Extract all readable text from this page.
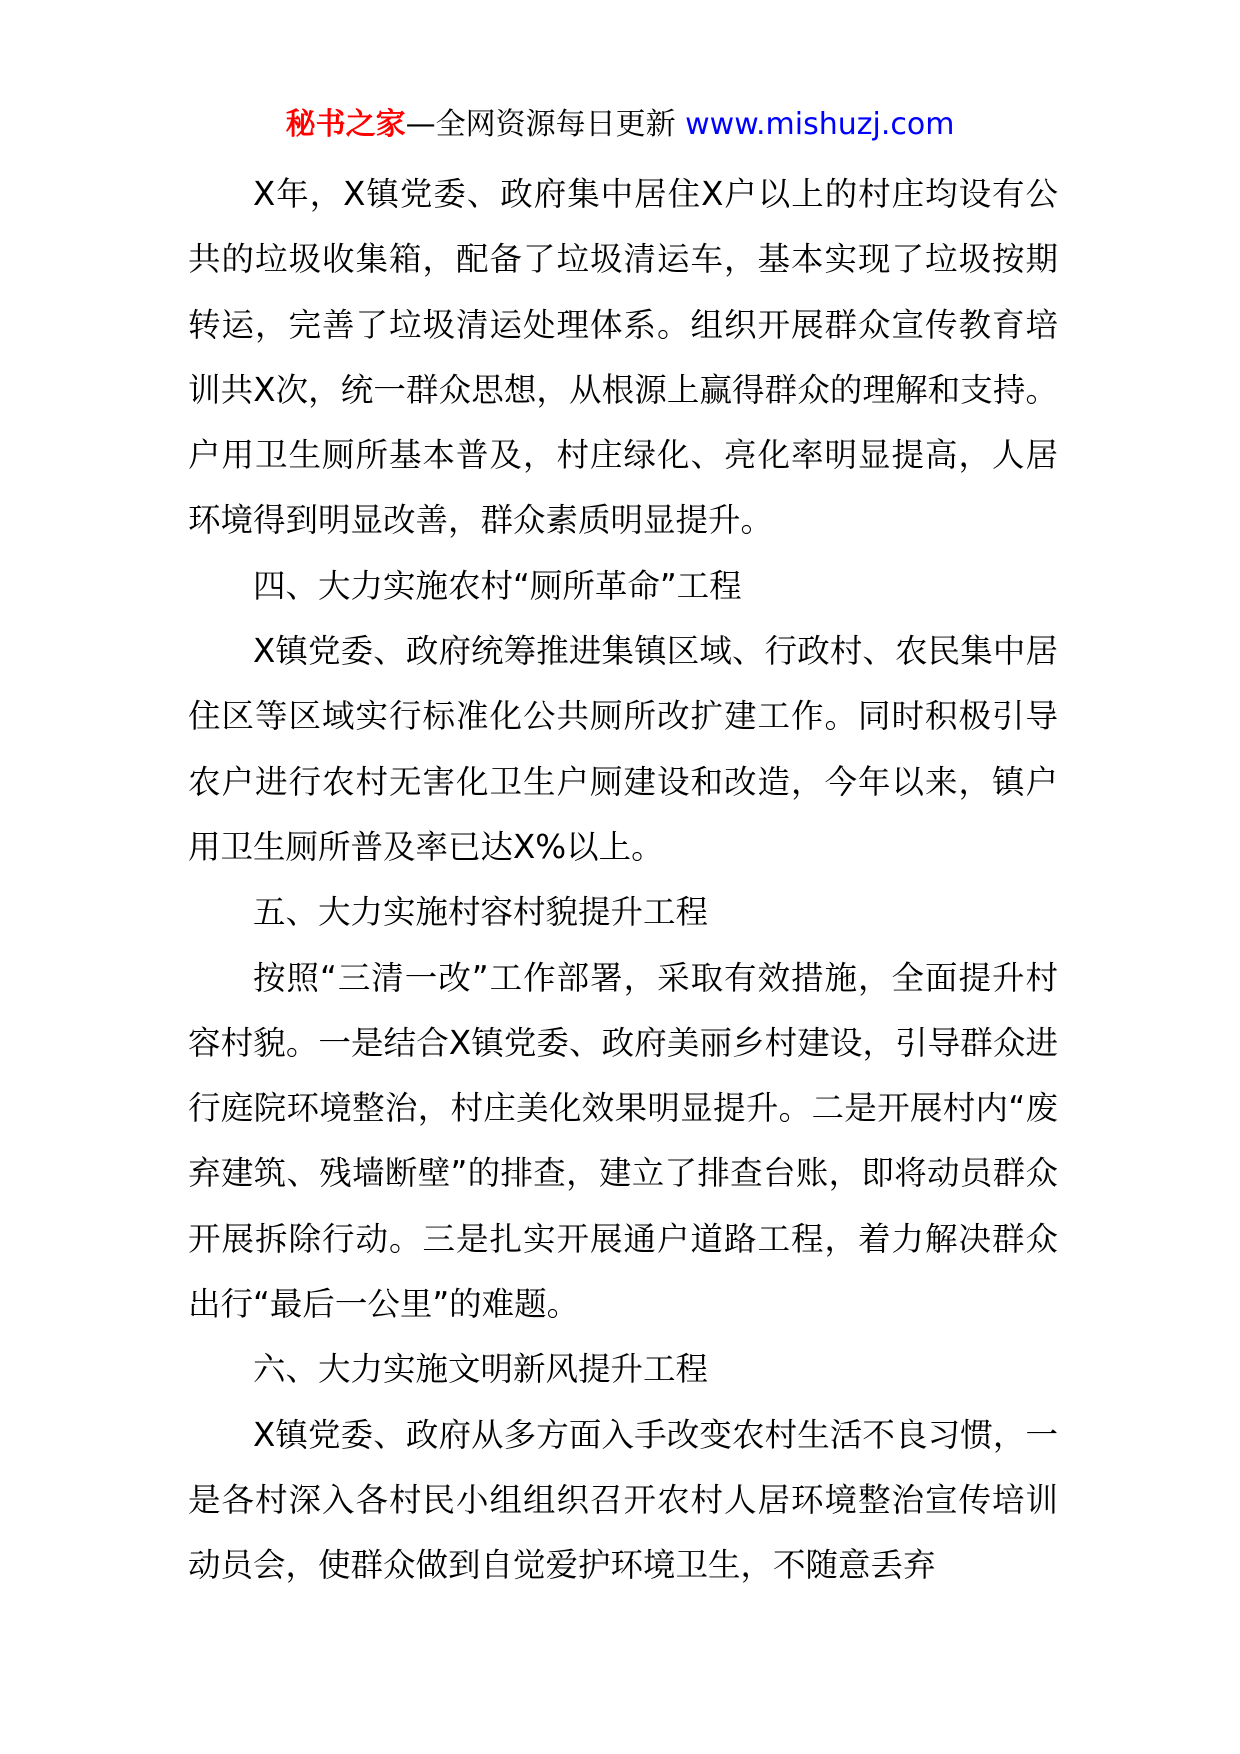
秘书之家—全网资源每日更新 www.mishuzj.com

X年，X镇党委、政府集中居住X户以上的村庄均设有公共的垃圾收集箱，配备了垃圾清运车，基本实现了垃圾按期转运，完善了垃圾清运处理体系。组织开展群众宣传教育培训共X次，统一群众思想，从根源上赢得群众的理解和支持。户用卫生厕所基本普及，村庄绿化、亮化率明显提高，人居环境得到明显改善，群众素质明显提升。

四、大力实施农村“厕所革命”工程

X镇党委、政府统筹推进集镇区域、行政村、农民集中居住区等区域实行标准化公共厕所改扩建工作。同时积极引导农户进行农村无害化卫生户厕建设和改造，今年以来，镇户用卫生厕所普及率已达X%以上。

五、大力实施村容村貌提升工程

按照“三清一改”工作部署，采取有效措施，全面提升村容村貌。一是结合X镇党委、政府美丽乡村建设，引导群众进行庭院环境整治，村庄美化效果明显提升。二是开展村内“废弃建筑、残墙断壁”的排查，建立了排查台账，即将动员群众开展拆除行动。三是扎实开展通户道路工程，着力解决群众出行“最后一公里”的难题。

六、大力实施文明新风提升工程

X镇党委、政府从多方面入手改变农村生活不良习惯，一是各村深入各村民小组组织召开农村人居环境整治宣传培训动员会，使群众做到自觉爱护环境卫生，不随意丢弃
